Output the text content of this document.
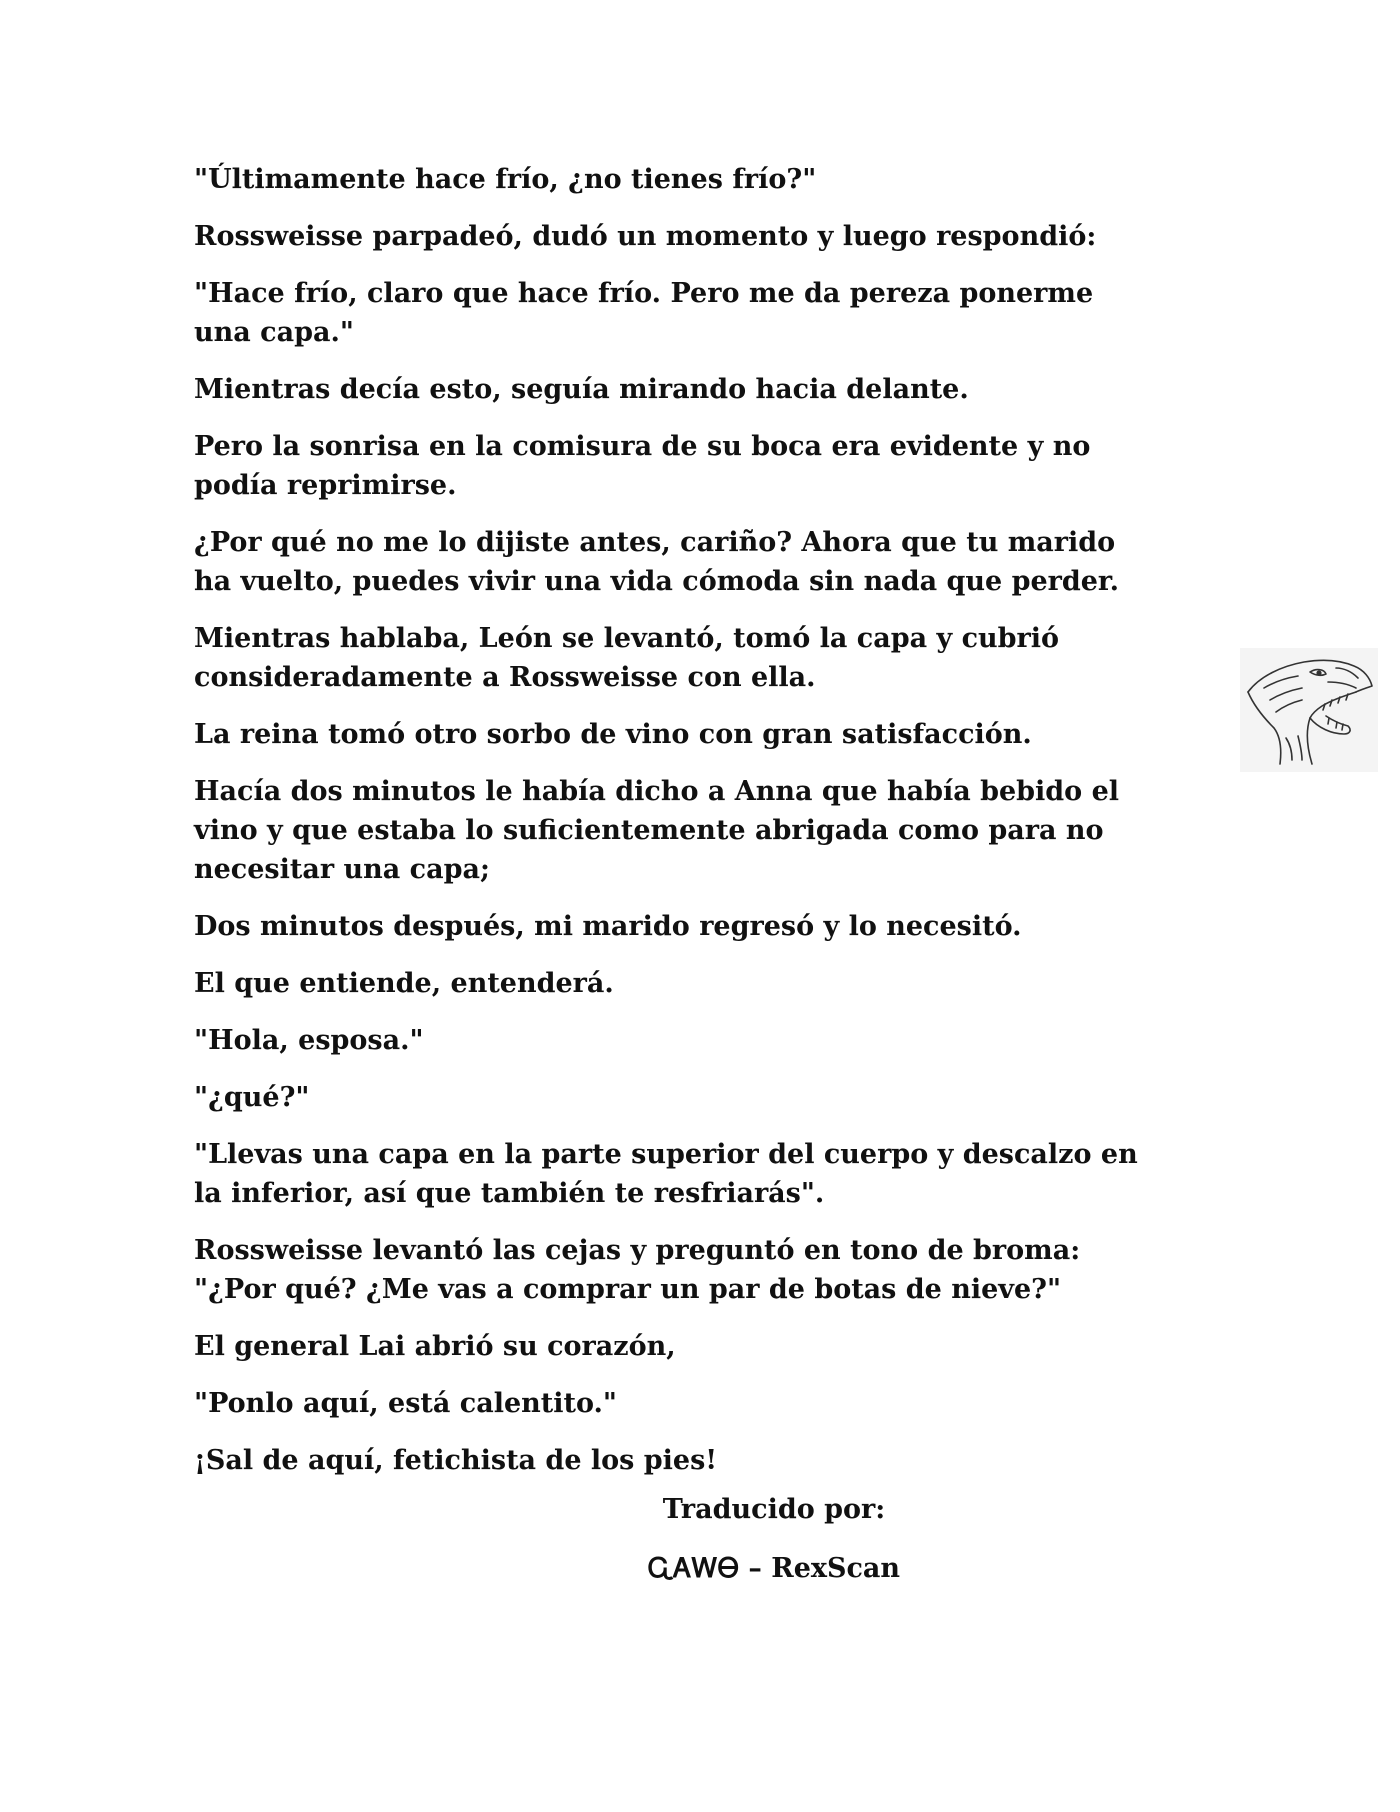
"Últimamente hace frío, ¿no tienes frío?"

Rossweisse parpadeó, dudó un momento y luego respondió:

"Hace frío, claro que hace frío. Pero me da pereza ponerme
una capa."

Mientras decía esto, seguía mirando hacia delante.

Pero la sonrisa en la comisura de su boca era evidente y no
podía reprimirse.

¿Por qué no me lo dijiste antes, cariño? Ahora que tu marido
ha vuelto, puedes vivir una vida cómoda sin nada que perder.

Mientras hablaba, León se levantó, tomó la capa y cubrió
consideradamente a Rossweisse con ella.

La reina tomó otro sorbo de vino con gran satisfacción.

Hacía dos minutos le había dicho a Anna que había bebido el
vino y que estaba lo suficientemente abrigada como para no
necesitar una capa;

Dos minutos después, mi marido regresó y lo necesitó.

El que entiende, entenderá.

"Hola, esposa."

"¿qué?"

"Llevas una capa en la parte superior del cuerpo y descalzo en
la inferior, así que también te resfriarás".

Rossweisse levantó las cejas y preguntó en tono de broma:
"¿Por qué? ¿Me vas a comprar un par de botas de nieve?"

El general Lai abrió su corazón,

"Ponlo aquí, está calentito."

¡Sal de aquí, fetichista de los pies!

Traducido por:
ᏩᎪᎳᎾ – RexScan
